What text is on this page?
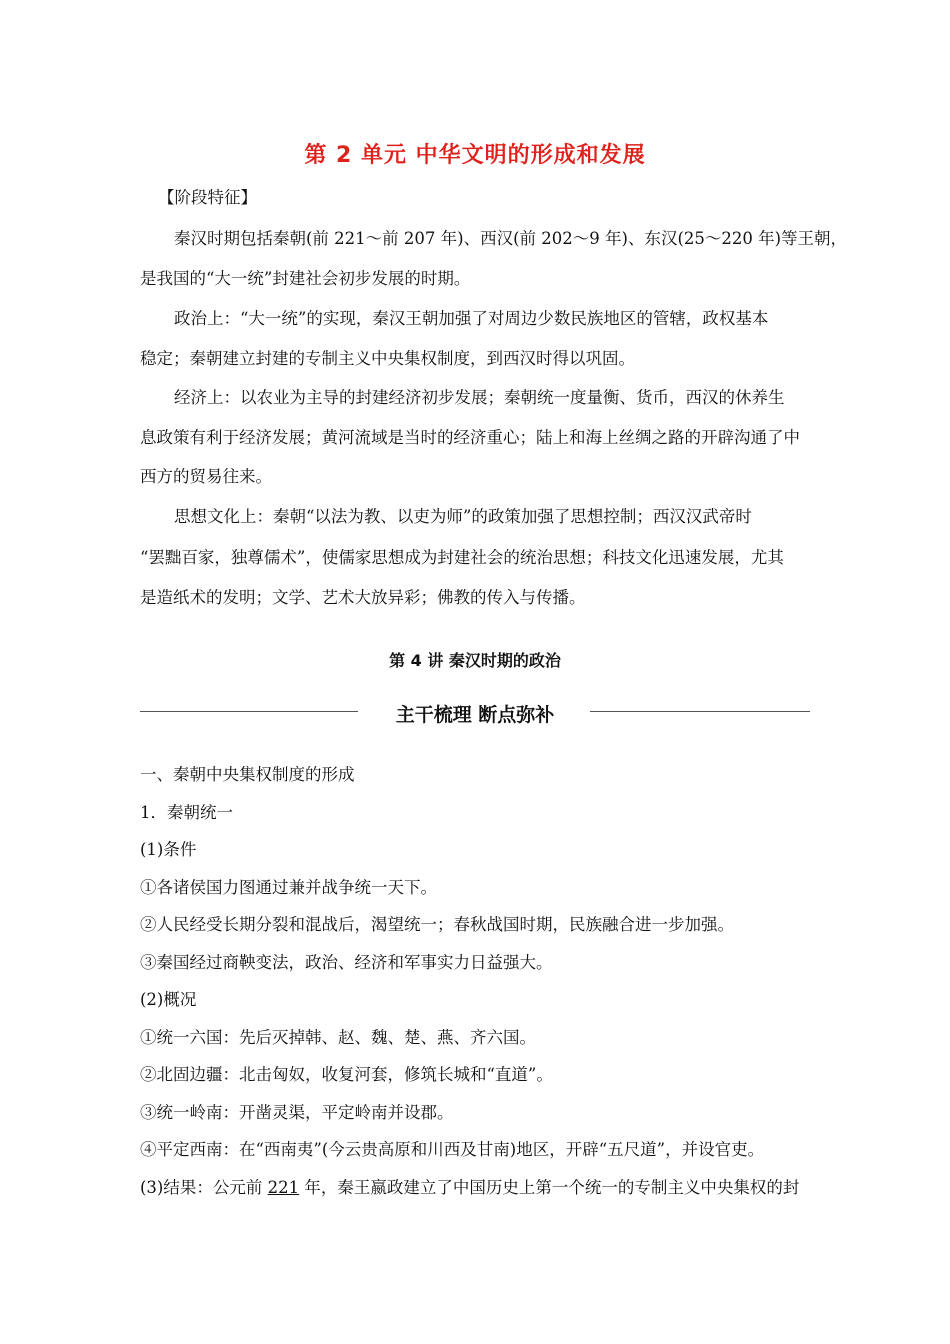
第 2 单元 中华文明的形成和发展
【阶段特征】
秦汉时期包括秦朝(前 221～前 207 年)、西汉(前 202～9 年)、东汉(25～220 年)等王朝，
是我国的“大一统”封建社会初步发展的时期。
政治上：“大一统”的实现，秦汉王朝加强了对周边少数民族地区的管辖，政权基本
稳定；秦朝建立封建的专制主义中央集权制度，到西汉时得以巩固。
经济上：以农业为主导的封建经济初步发展；秦朝统一度量衡、货币，西汉的休养生
息政策有利于经济发展；黄河流域是当时的经济重心；陆上和海上丝绸之路的开辟沟通了中
西方的贸易往来。
思想文化上：秦朝“以法为教、以吏为师”的政策加强了思想控制；西汉汉武帝时
“罢黜百家，独尊儒术”，使儒家思想成为封建社会的统治思想；科技文化迅速发展，尤其
是造纸术的发明；文学、艺术大放异彩；佛教的传入与传播。
第 4 讲 秦汉时期的政治
主干梳理 断点弥补
一、秦朝中央集权制度的形成
1．秦朝统一
(1)条件
①各诸侯国力图通过兼并战争统一天下。
②人民经受长期分裂和混战后，渴望统一；春秋战国时期，民族融合进一步加强。
③秦国经过商鞅变法，政治、经济和军事实力日益强大。
(2)概况
①统一六国：先后灭掉韩、赵、魏、楚、燕、齐六国。
②北固边疆：北击匈奴，收复河套，修筑长城和“直道”。
③统一岭南：开凿灵渠，平定岭南并设郡。
④平定西南：在“西南夷”(今云贵高原和川西及甘南)地区，开辟“五尺道”，并设官吏。
(3)结果：公元前 221 年，秦王嬴政建立了中国历史上第一个统一的专制主义中央集权的封
